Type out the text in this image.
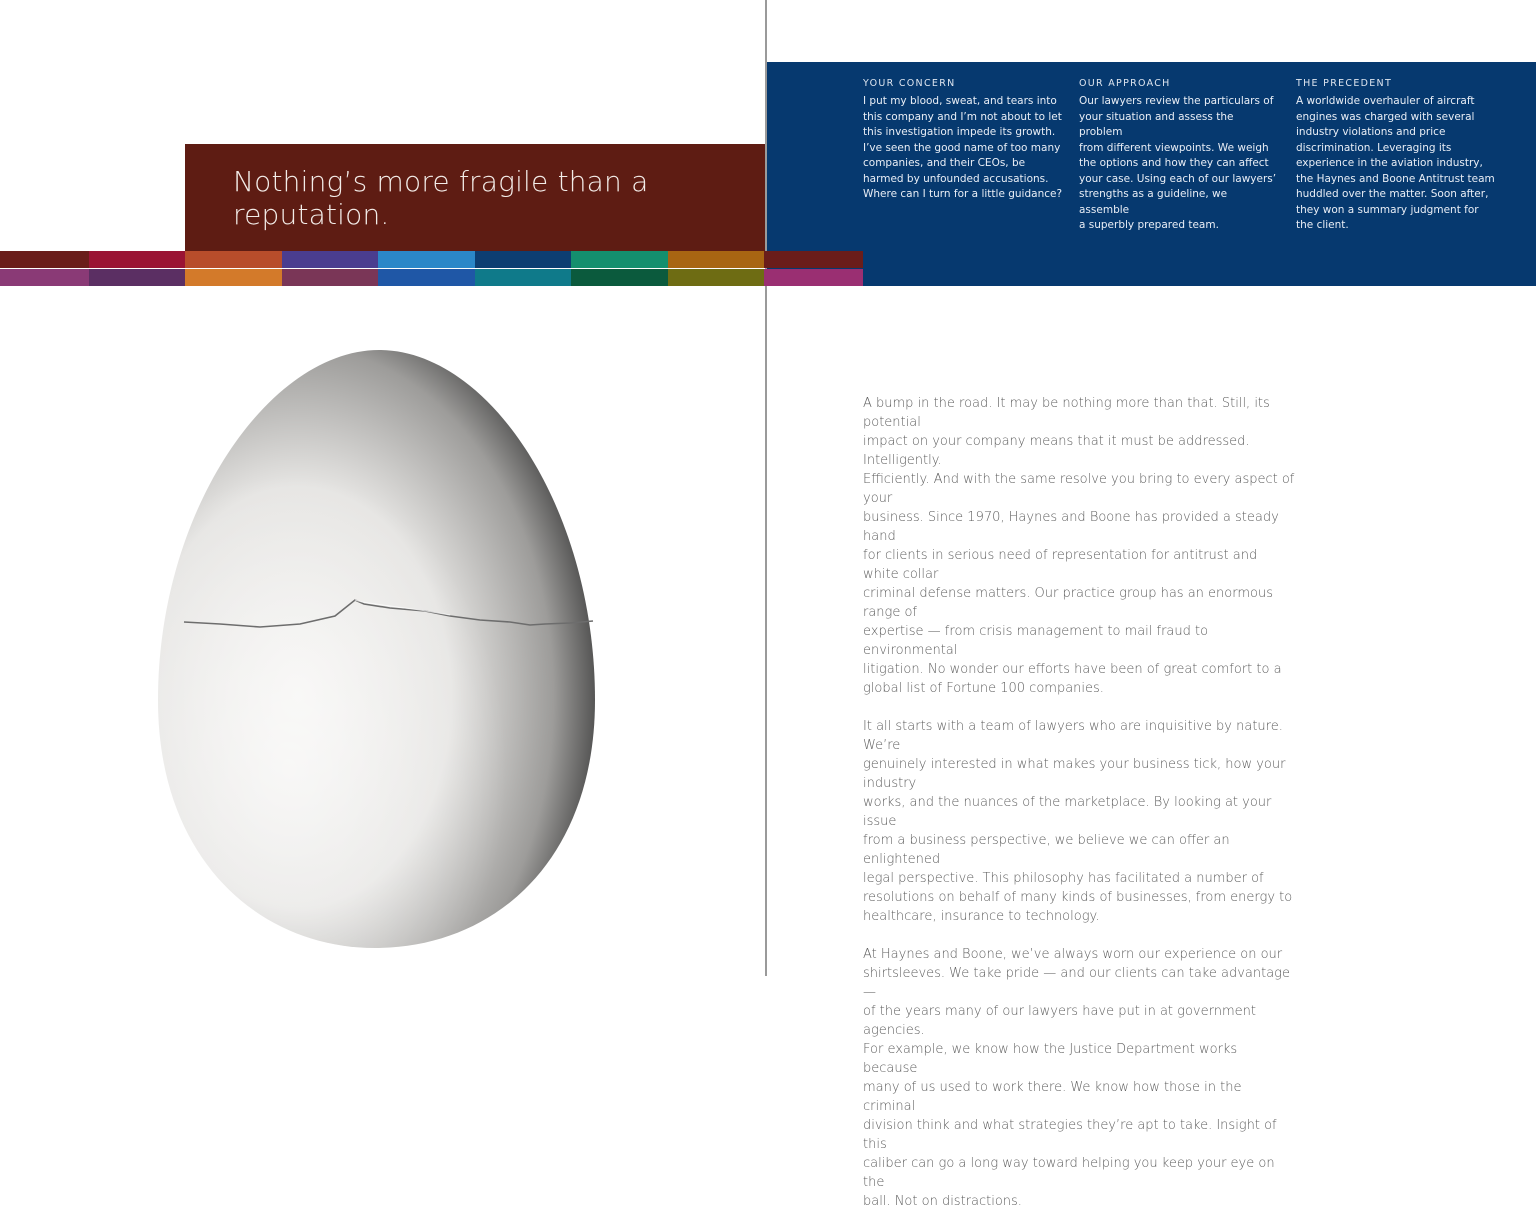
Nothing’s more fragile than a reputation.
YOUR CONCERN
I put my blood, sweat, and tears into
this company and I’m not about to let
this investigation impede its growth.
I’ve seen the good name of too many
companies, and their CEOs, be
harmed by unfounded accusations.
Where can I turn for a little guidance?
OUR APPROACH
Our lawyers review the particulars of
your situation and assess the problem
from different viewpoints. We weigh
the options and how they can affect
your case. Using each of our lawyers’
strengths as a guideline, we assemble
a superbly prepared team.
THE PRECEDENT
A worldwide overhauler of aircraft
engines was charged with several
industry violations and price
discrimination. Leveraging its
experience in the aviation industry,
the Haynes and Boone Antitrust team
huddled over the matter. Soon after,
they won a summary judgment for
the client.

A bump in the road. It may be nothing more than that. Still, its potential
impact on your company means that it must be addressed. Intelligently.
Efficiently. And with the same resolve you bring to every aspect of your
business. Since 1970, Haynes and Boone has provided a steady hand
for clients in serious need of representation for antitrust and white collar
criminal defense matters. Our practice group has an enormous range of
expertise — from crisis management to mail fraud to environmental
litigation. No wonder our efforts have been of great comfort to a
global list of Fortune 100 companies.

It all starts with a team of lawyers who are inquisitive by nature. We’re
genuinely interested in what makes your business tick, how your industry
works, and the nuances of the marketplace. By looking at your issue
from a business perspective, we believe we can offer an enlightened
legal perspective. This philosophy has facilitated a number of
resolutions on behalf of many kinds of businesses, from energy to
healthcare, insurance to technology.

At Haynes and Boone, we’ve always worn our experience on our
shirtsleeves. We take pride — and our clients can take advantage —
of the years many of our lawyers have put in at government agencies.
For example, we know how the Justice Department works because
many of us used to work there. We know how those in the criminal
division think and what strategies they’re apt to take. Insight of this
caliber can go a long way toward helping you keep your eye on the
ball. Not on distractions.
